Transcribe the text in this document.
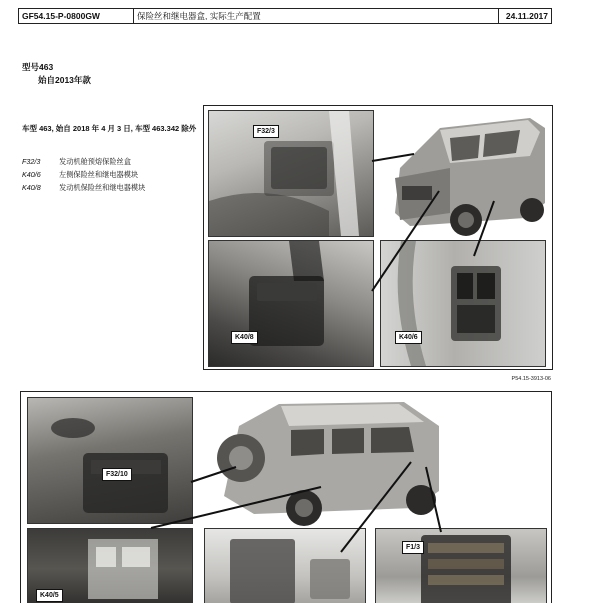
GF54.15-P-0800GW	保险丝和继电器盒, 实际生产配置	24.11.2017
型号463
始自2013年款
车型 463, 始自 2018 年 4 月 3 日, 车型 463.342 除外
F32/3	发动机舱预熔保险丝盒
K40/6	左侧保险丝和继电器模块
K40/8	发动机保险丝和继电器模块
F32/3
K40/8	K40/6
P54.15-3913-06
F32/10
K40/5
F1/3
